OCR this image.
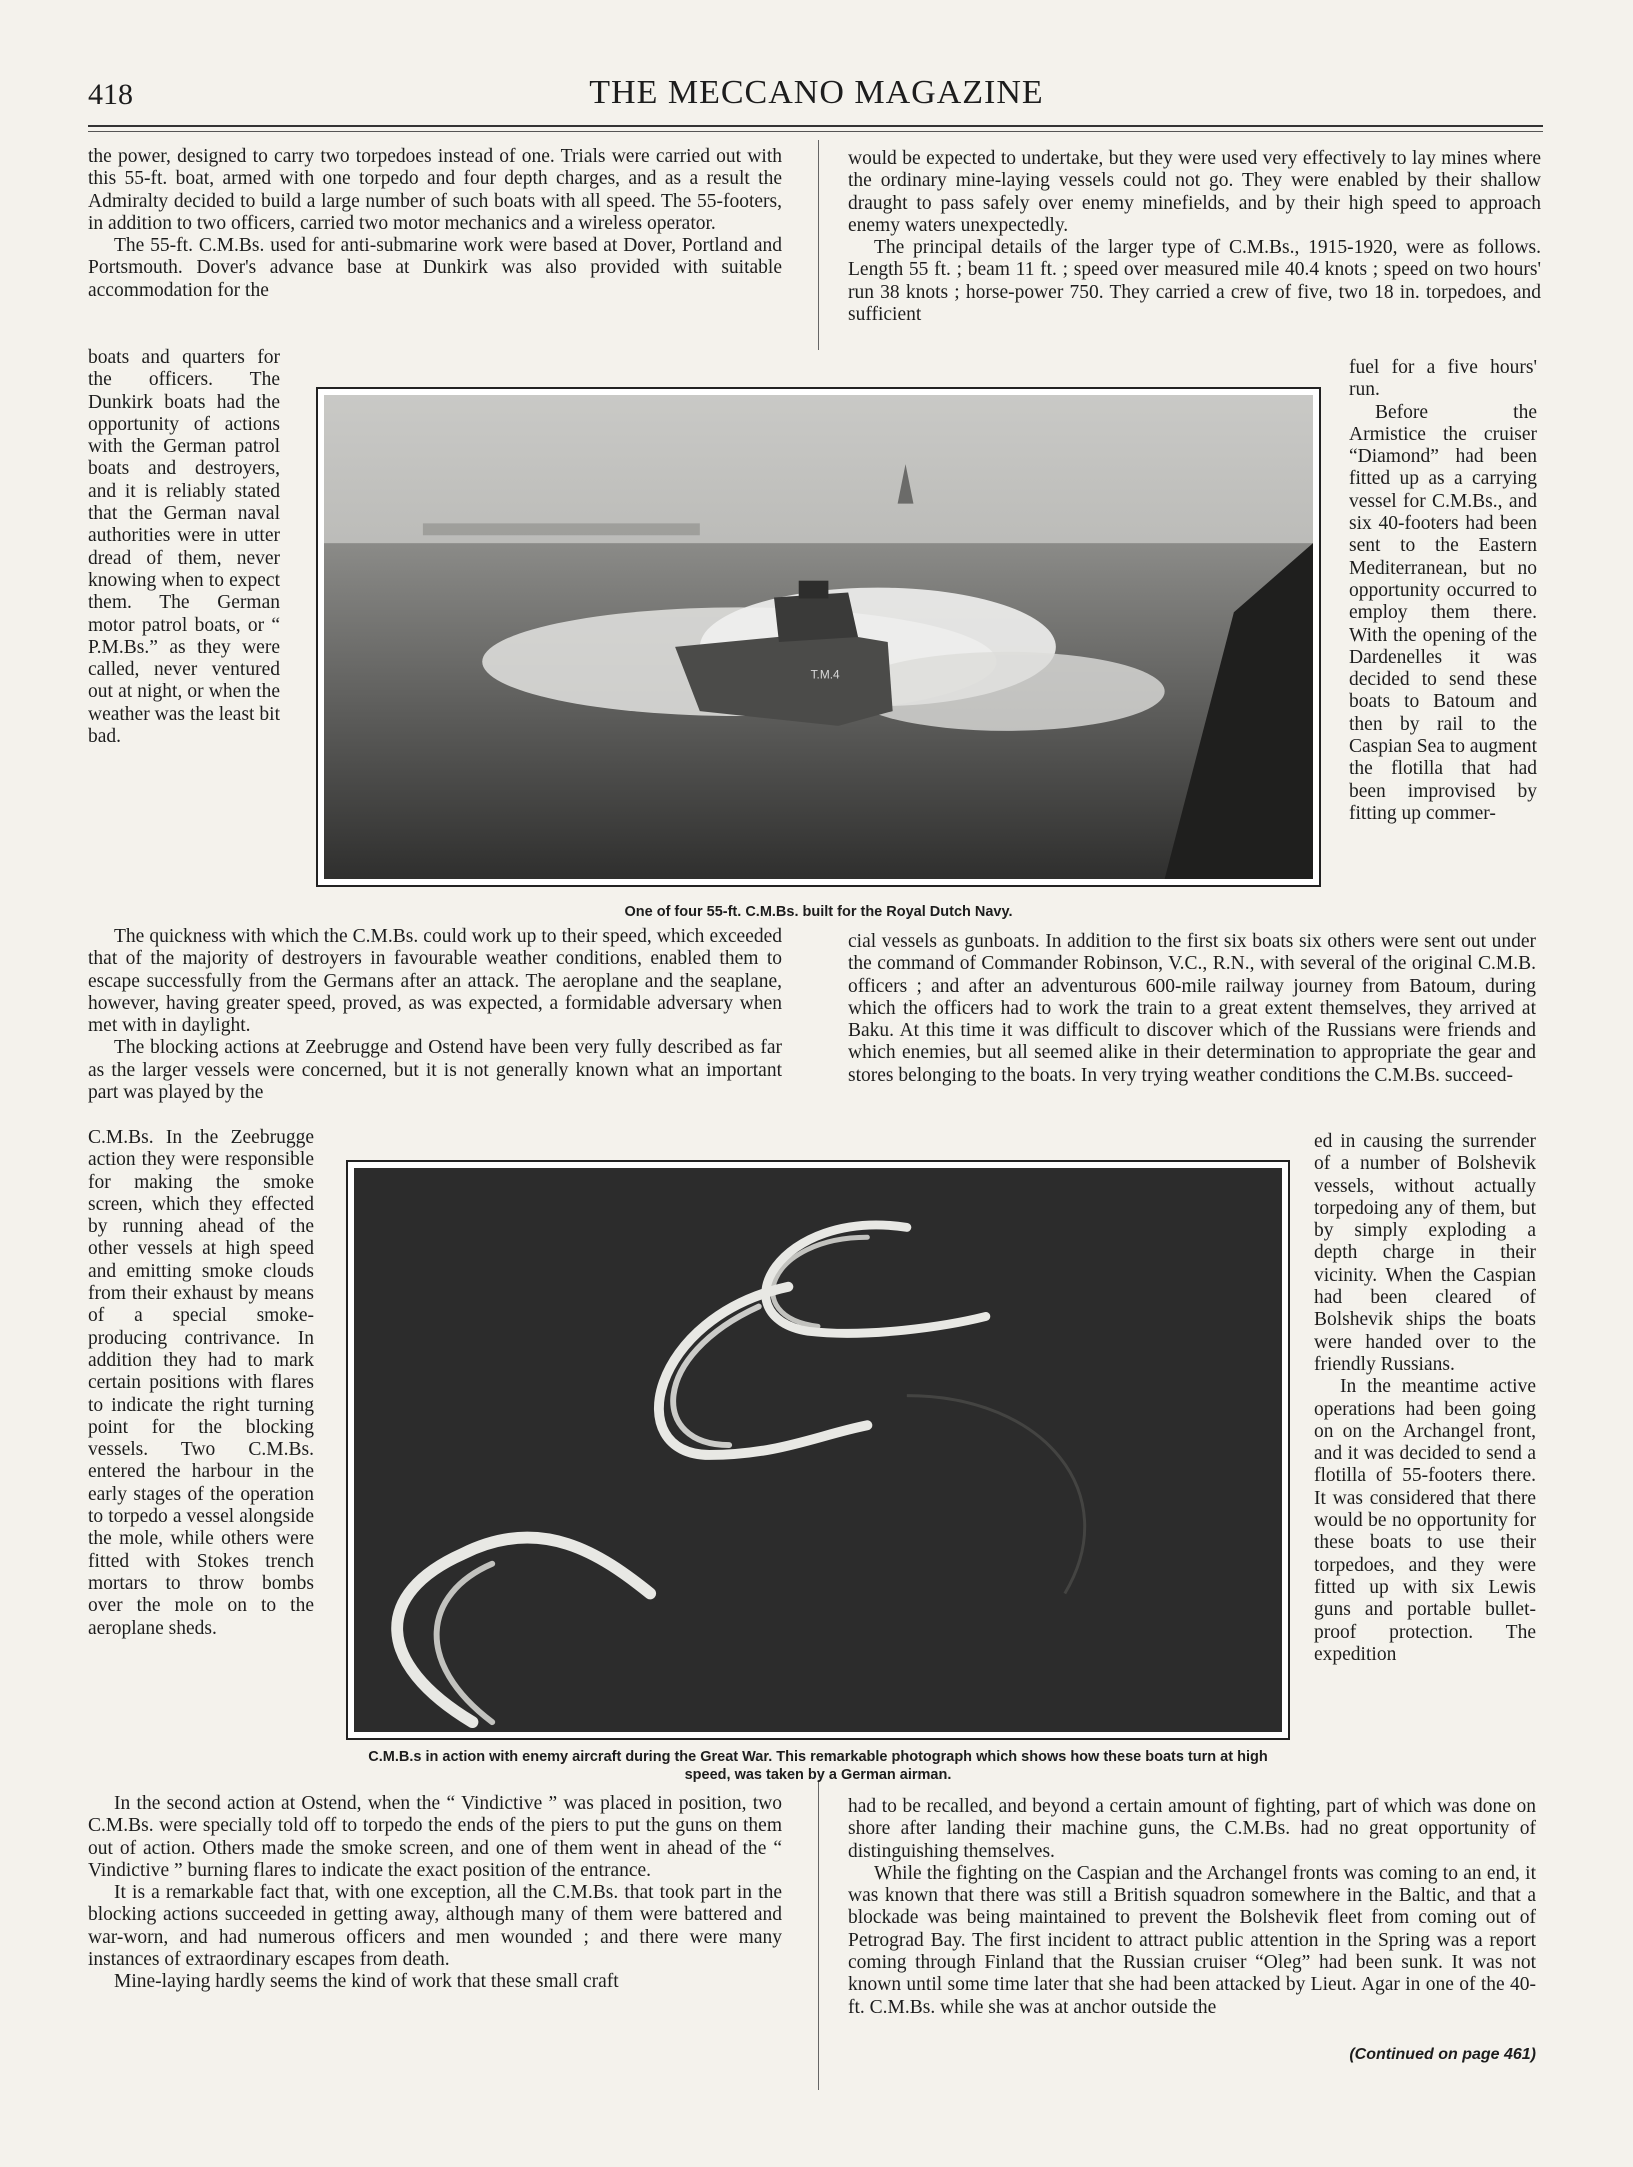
418	THE MECCANO MAGAZINE

the power, designed to carry two torpedoes instead of one. Trials were carried out with this 55-ft. boat, armed with one torpedo and four depth charges, and as a result the Admiralty decided to build a large number of such boats with all speed. The 55-footers, in addition to two officers, carried two motor mechanics and a wireless operator.

The 55-ft. C.M.Bs. used for anti-submarine work were based at Dover, Portland and Portsmouth. Dover's advance base at Dunkirk was also provided with suitable accommodation for the

would be expected to undertake, but they were used very effectively to lay mines where the ordinary mine-laying vessels could not go. They were enabled by their shallow draught to pass safely over enemy minefields, and by their high speed to approach enemy waters unexpectedly.

The principal details of the larger type of C.M.Bs., 1915-1920, were as follows. Length 55 ft. ; beam 11 ft. ; speed over measured mile 40.4 knots ; speed on two hours' run 38 knots ; horse-power 750. They carried a crew of five, two 18 in. torpedoes, and sufficient

boats and quarters for the officers. The Dunkirk boats had the opportunity of actions with the German patrol boats and destroyers, and it is reliably stated that the German naval authorities were in utter dread of them, never knowing when to expect them. The German motor patrol boats, or “ P.M.Bs.” as they were called, never ventured out at night, or when the weather was the least bit bad.

fuel for a five hours' run.

Before the Armistice the cruiser “Diamond” had been fitted up as a carrying vessel for C.M.Bs., and six 40-footers had been sent to the Eastern Mediterranean, but no opportunity occurred to employ them there. With the opening of the Dardenelles it was decided to send these boats to Batoum and then by rail to the Caspian Sea to augment the flotilla that had been improvised by fitting up commer-

T.M.4
One of four 55-ft. C.M.Bs. built for the Royal Dutch Navy.

The quickness with which the C.M.Bs. could work up to their speed, which exceeded that of the majority of destroyers in favourable weather conditions, enabled them to escape successfully from the Germans after an attack. The aeroplane and the seaplane, however, having greater speed, proved, as was expected, a formidable adversary when met with in daylight.

The blocking actions at Zeebrugge and Ostend have been very fully described as far as the larger vessels were concerned, but it is not generally known what an important part was played by the

cial vessels as gunboats. In addition to the first six boats six others were sent out under the command of Commander Robinson, V.C., R.N., with several of the original C.M.B. officers ; and after an adventurous 600-mile railway journey from Batoum, during which the officers had to work the train to a great extent themselves, they arrived at Baku. At this time it was difficult to discover which of the Russians were friends and which enemies, but all seemed alike in their determination to appropriate the gear and stores belonging to the boats. In very trying weather conditions the C.M.Bs. succeed-

C.M.Bs. In the Zeebrugge action they were responsible for making the smoke screen, which they effected by running ahead of the other vessels at high speed and emitting smoke clouds from their exhaust by means of a special smoke-producing contrivance. In addition they had to mark certain positions with flares to indicate the right turning point for the blocking vessels. Two C.M.Bs. entered the harbour in the early stages of the operation to torpedo a vessel alongside the mole, while others were fitted with Stokes trench mortars to throw bombs over the mole on to the aeroplane sheds.

ed in causing the surrender of a number of Bolshevik vessels, without actually torpedoing any of them, but by simply exploding a depth charge in their vicinity. When the Caspian had been cleared of Bolshevik ships the boats were handed over to the friendly Russians.

In the meantime active operations had been going on on the Archangel front, and it was decided to send a flotilla of 55-footers there. It was considered that there would be no opportunity for these boats to use their torpedoes, and they were fitted up with six Lewis guns and portable bullet-proof protection. The expedition

C.M.B.s in action with enemy aircraft during the Great War. This remarkable photograph which shows how these boats turn at high speed, was taken by a German airman.

In the second action at Ostend, when the “ Vindictive ” was placed in position, two C.M.Bs. were specially told off to torpedo the ends of the piers to put the guns on them out of action. Others made the smoke screen, and one of them went in ahead of the “ Vindictive ” burning flares to indicate the exact position of the entrance.

It is a remarkable fact that, with one exception, all the C.M.Bs. that took part in the blocking actions succeeded in getting away, although many of them were battered and war-worn, and had numerous officers and men wounded ; and there were many instances of extraordinary escapes from death.

Mine-laying hardly seems the kind of work that these small craft

had to be recalled, and beyond a certain amount of fighting, part of which was done on shore after landing their machine guns, the C.M.Bs. had no great opportunity of distinguishing themselves.

While the fighting on the Caspian and the Archangel fronts was coming to an end, it was known that there was still a British squadron somewhere in the Baltic, and that a blockade was being maintained to prevent the Bolshevik fleet from coming out of Petrograd Bay. The first incident to attract public attention in the Spring was a report coming through Finland that the Russian cruiser “Oleg” had been sunk. It was not known until some time later that she had been attacked by Lieut. Agar in one of the 40-ft. C.M.Bs. while she was at anchor outside the

(Continued on page 461)
